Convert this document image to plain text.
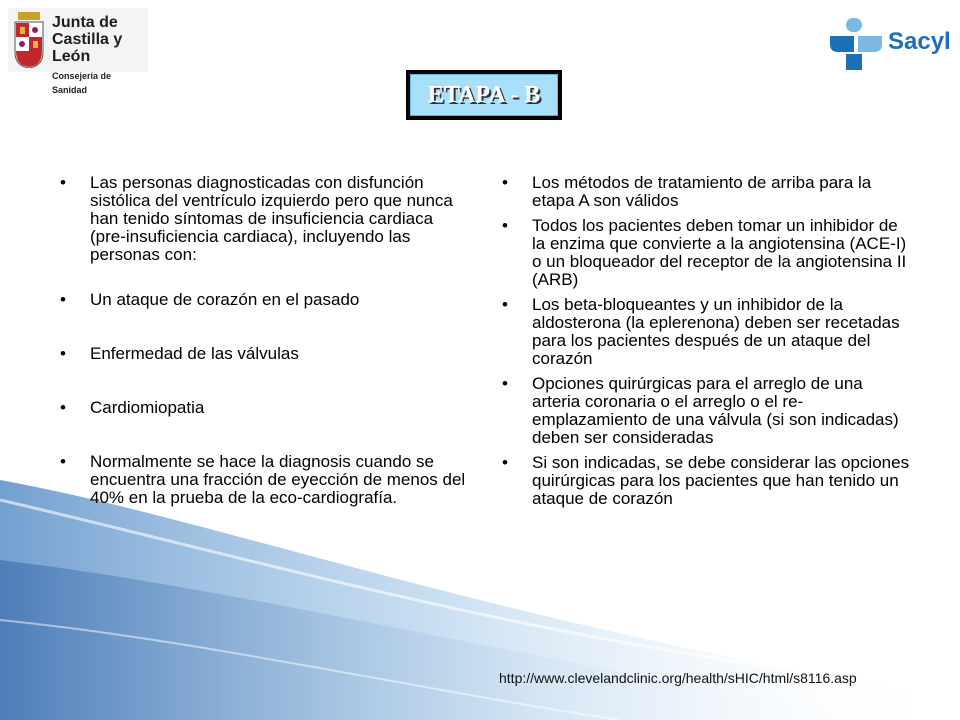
Junta de
Castilla y León
Consejería de Sanidad
Sacyl
ETAPA - B
• Las personas diagnosticadas con disfunción sistólica del ventrículo izquierdo pero que nunca han tenido síntomas de insuficiencia cardiaca (pre-insuficiencia cardiaca), incluyendo las personas con:
• Un ataque de corazón en el pasado
• Enfermedad de las válvulas
• Cardiomiopatia
• Normalmente se hace la diagnosis cuando se encuentra una fracción de eyección de menos del 40% en la prueba de la eco-cardiografía.
• Los métodos de tratamiento de arriba para la etapa A son válidos
• Todos los pacientes deben tomar un inhibidor de la enzima que convierte a la angiotensina (ACE-I) o un bloqueador del receptor de la angiotensina II (ARB)
• Los beta-bloqueantes y un inhibidor de la aldosterona (la eplerenona) deben ser recetadas para los pacientes después de un ataque del corazón
• Opciones quirúrgicas para el arreglo de una arteria coronaria o el arreglo o el re-emplazamiento de una válvula (si son indicadas) deben ser consideradas
• Si son indicadas, se debe considerar las opciones quirúrgicas para los pacientes que han tenido un ataque de corazón
http://www.clevelandclinic.org/health/sHIC/html/s8116.asp
